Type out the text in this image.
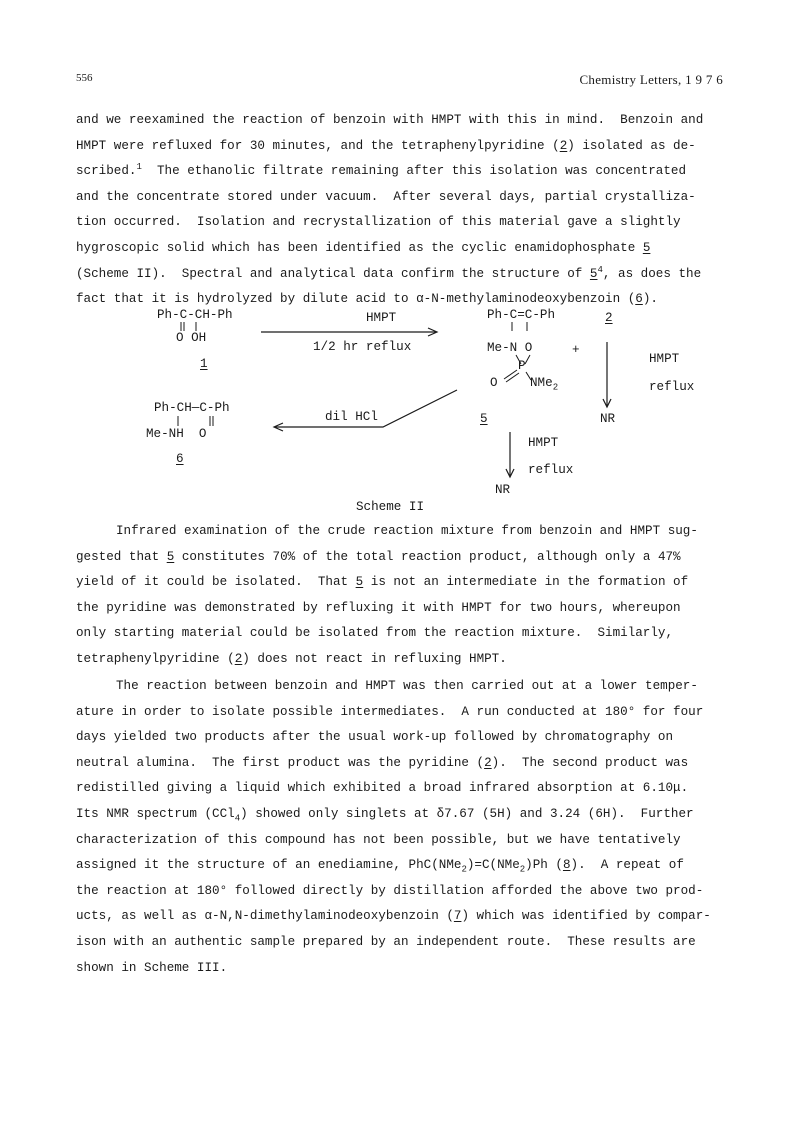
556	Chemistry Letters, 1 9 7 6
and we reexamined the reaction of benzoin with HMPT with this in mind.  Benzoin and
HMPT were refluxed for 30 minutes, and the tetraphenylpyridine (2) isolated as de-
scribed.$^1$  The ethanolic filtrate remaining after this isolation was concentrated
and the concentrate stored under vacuum.  After several days, partial crystalliza-
tion occurred.  Isolation and recrystallization of this material gave a slightly
hygroscopic solid which has been identified as the cyclic enamidophosphate 5
(Scheme II).  Spectral and analytical data confirm the structure of $5^4$, as does the
fact that it is hydrolyzed by dilute acid to α-N-methylaminodeoxybenzoin (6).
Ph-C-CH-Ph
O OH
1
HMPT
1/2 hr reflux
Ph-C=C-Ph
Me-N O
P
O	NMe$_2$
+
2
HMPT
reflux
NR
Ph-CH—C-Ph
Me-NH  O
6
dil HCl	5
HMPT
reflux
NR
Scheme II
Infrared examination of the crude reaction mixture from benzoin and HMPT sug-
gested that 5 constitutes 70% of the total reaction product, although only a 47%
yield of it could be isolated.  That 5 is not an intermediate in the formation of
the pyridine was demonstrated by refluxing it with HMPT for two hours, whereupon
only starting material could be isolated from the reaction mixture.  Similarly,
tetraphenylpyridine (2) does not react in refluxing HMPT.
The reaction between benzoin and HMPT was then carried out at a lower temper-
ature in order to isolate possible intermediates.  A run conducted at 180° for four
days yielded two products after the usual work-up followed by chromatography on
neutral alumina.  The first product was the pyridine (2).  The second product was
redistilled giving a liquid which exhibited a broad infrared absorption at 6.10μ.
Its NMR spectrum (CCl$_4$) showed only singlets at δ7.67 (5H) and 3.24 (6H).  Further
characterization of this compound has not been possible, but we have tentatively
assigned it the structure of an enediamine, PhC(NMe$_2$)=C(NMe$_2$)Ph (8).  A repeat of
the reaction at 180° followed directly by distillation afforded the above two prod-
ucts, as well as α-N,N-dimethylaminodeoxybenzoin (7) which was identified by compar-
ison with an authentic sample prepared by an independent route.  These results are
shown in Scheme III.
